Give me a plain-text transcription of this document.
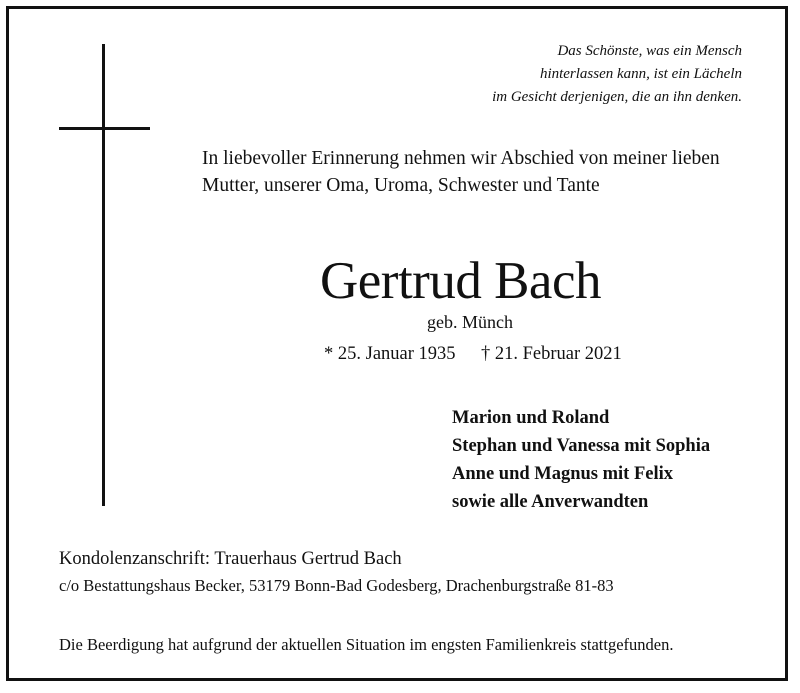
Das Schönste, was ein Mensch
hinterlassen kann, ist ein Lächeln
im Gesicht derjenigen, die an ihn denken.
In liebevoller Erinnerung nehmen wir Abschied von meiner lieben
Mutter, unserer Oma, Uroma, Schwester und Tante
Gertrud Bach
geb. Münch
* 25. Januar 1935 † 21. Februar 2021
Marion und Roland
Stephan und Vanessa mit Sophia
Anne und Magnus mit Felix
sowie alle Anverwandten
Kondolenzanschrift: Trauerhaus Gertrud Bach
c/o Bestattungshaus Becker, 53179 Bonn-Bad Godesberg, Drachenburgstraße 81-83
Die Beerdigung hat aufgrund der aktuellen Situation im engsten Familienkreis stattgefunden.
